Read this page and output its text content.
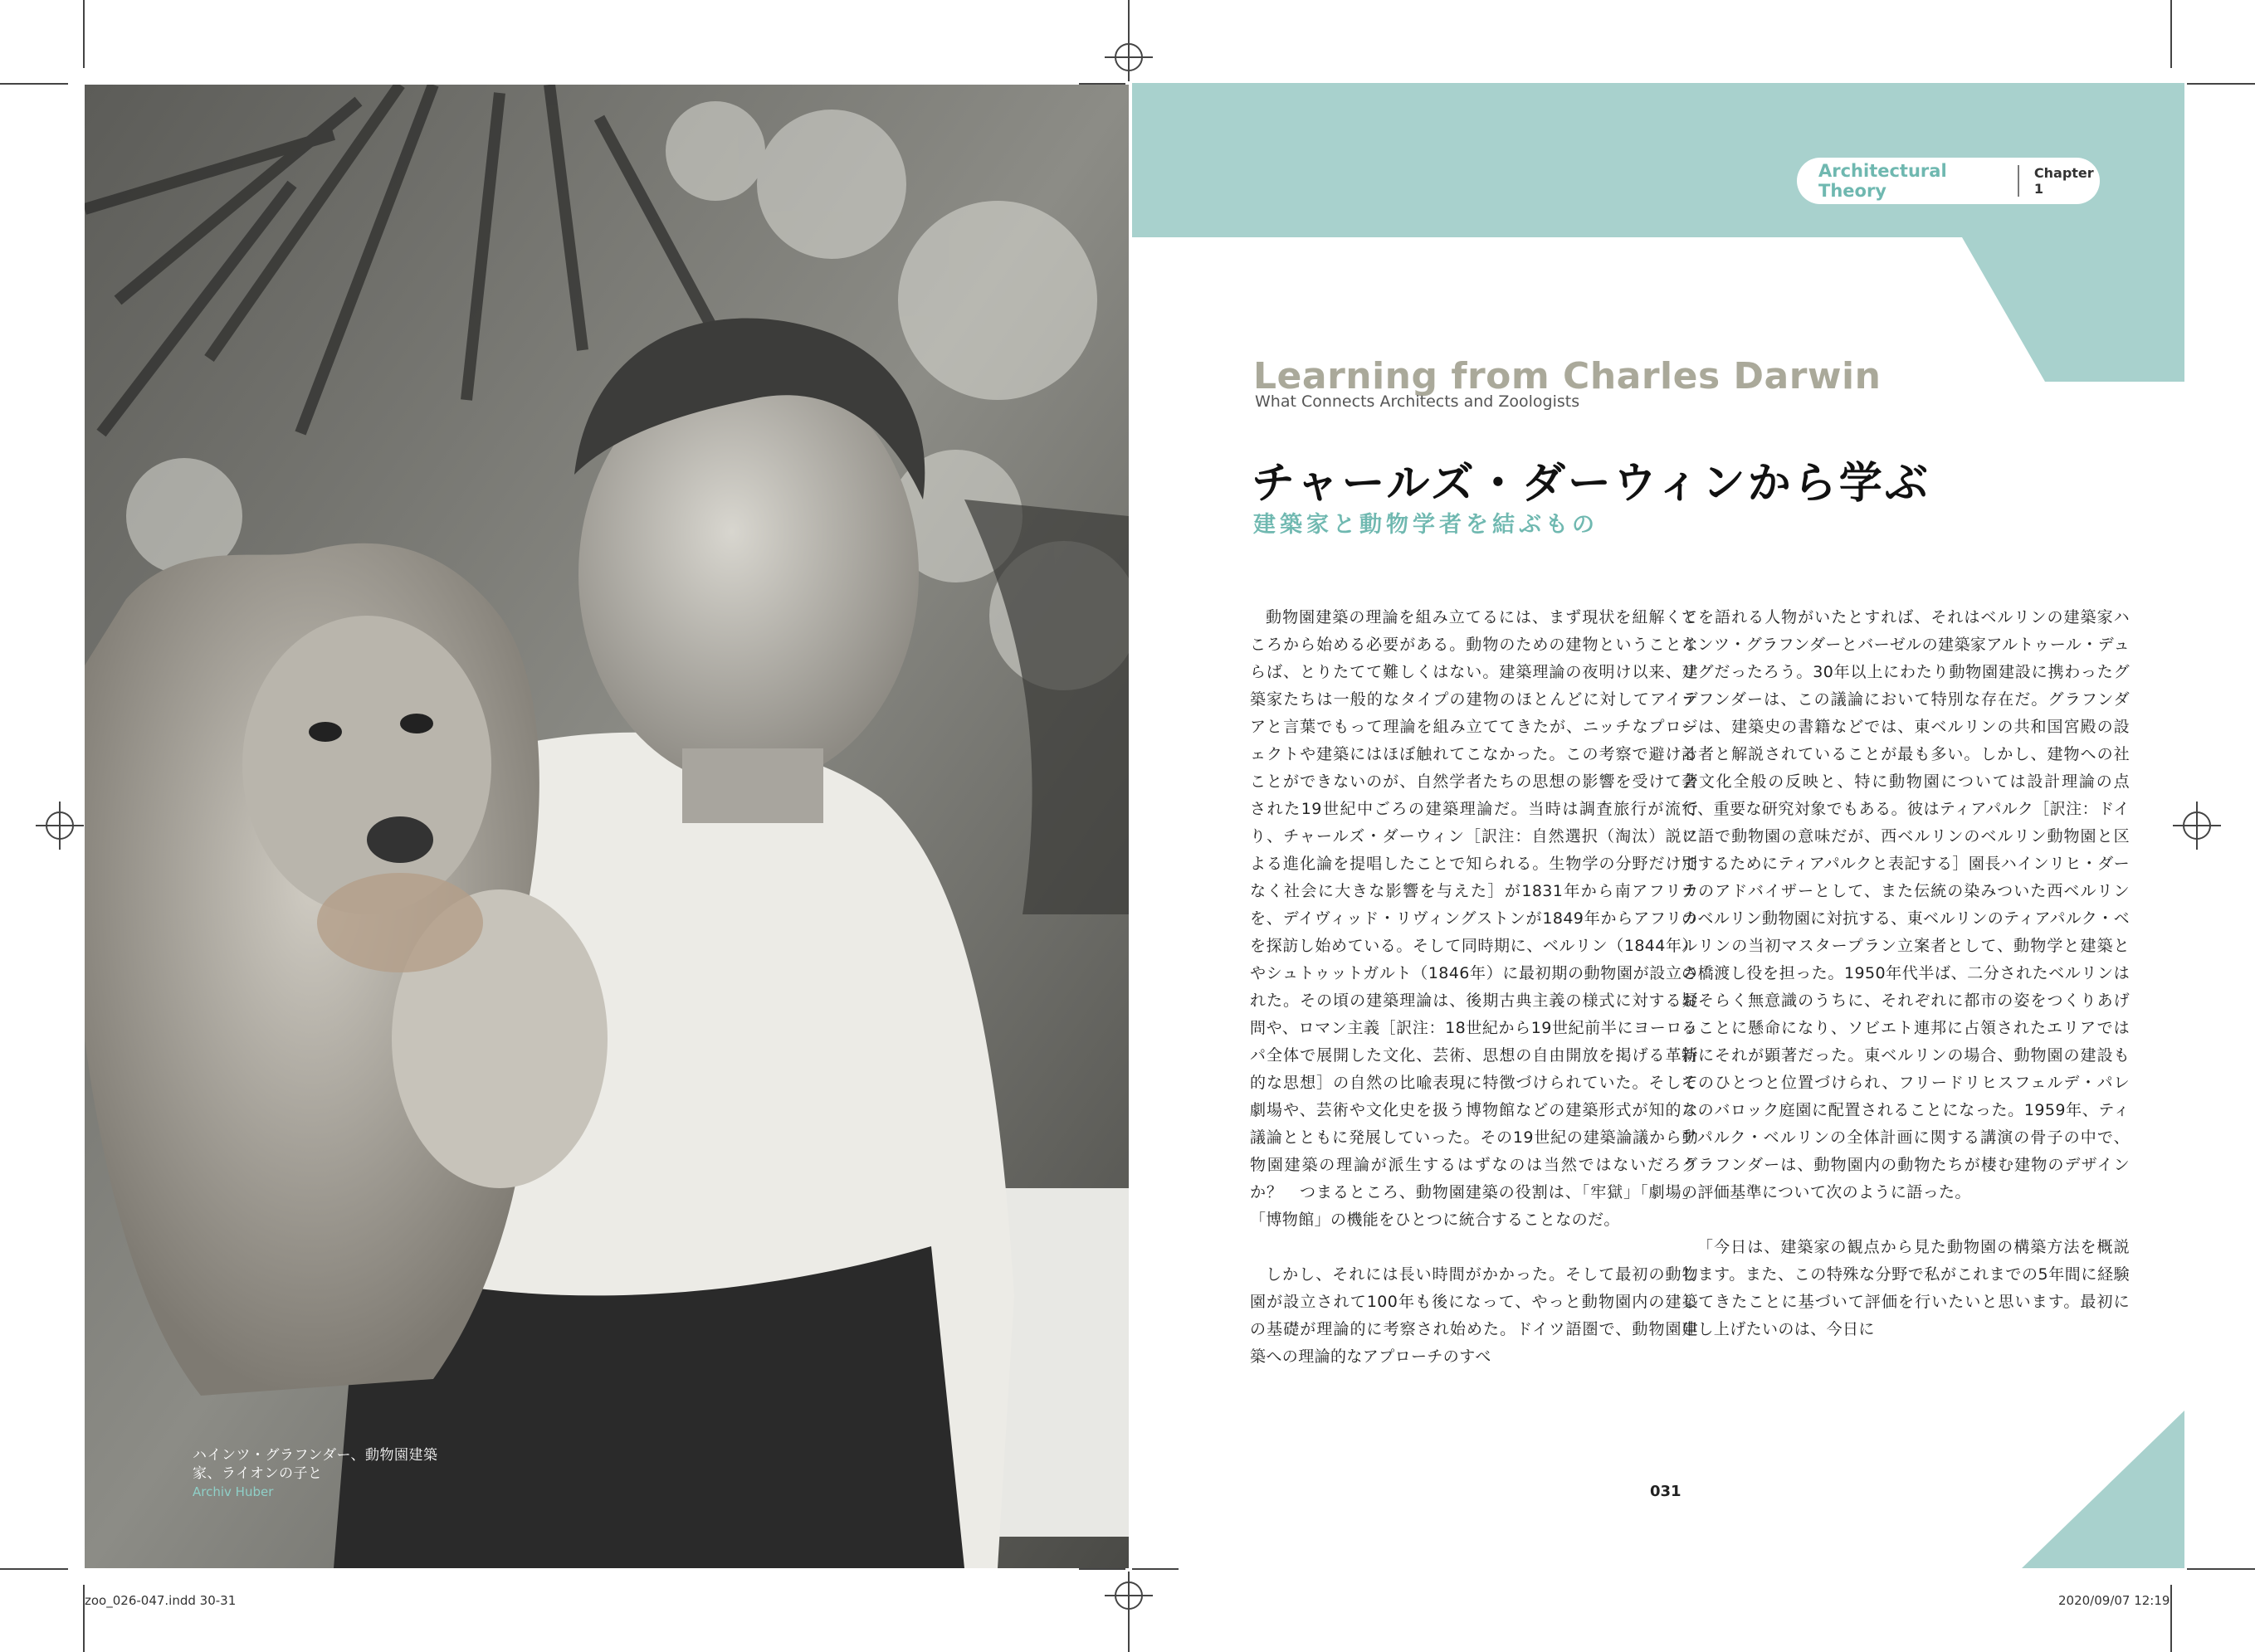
ハインツ・グラフンダー、動物園建築家、ライオンの子と
Archiv Huber
Architectural Theory
Chapter 1
Learning from Charles Darwin
What Connects Architects and Zoologists
チャールズ・ダーウィンから学ぶ
建築家と動物学者を結ぶもの

動物園建築の理論を組み立てるには、まず現状を紐解くところから始める必要がある。動物のための建物ということならば、とりたてて難しくはない。建築理論の夜明け以来、建築家たちは一般的なタイプの建物のほとんどに対してアイデアと言葉でもって理論を組み立ててきたが、ニッチなプロジェクトや建築にはほぼ触れてこなかった。この考察で避けることができないのが、自然学者たちの思想の影響を受けて著された19世紀中ごろの建築理論だ。当時は調査旅行が流行り、チャールズ・ダーウィン［訳注：自然選択（淘汰）説による進化論を提唱したことで知られる。生物学の分野だけでなく社会に大きな影響を与えた］が1831年から南アフリカを、デイヴィッド・リヴィングストンが1849年からアフリカを探訪し始めている。そして同時期に、ベルリン（1844年）やシュトゥットガルト（1846年）に最初期の動物園が設立された。その頃の建築理論は、後期古典主義の様式に対する疑問や、ロマン主義［訳注：18世紀から19世紀前半にヨーロッパ全体で展開した文化、芸術、思想の自由開放を掲げる革新的な思想］の自然の比喩表現に特徴づけられていた。そして劇場や、芸術や文化史を扱う博物館などの建築形式が知的な議論とともに発展していった。その19世紀の建築論議から動物園建築の理論が派生するはずなのは当然ではないだろうか？　つまるところ、動物園建築の役割は、「牢獄」「劇場」「博物館」の機能をひとつに統合することなのだ。

しかし、それには長い時間がかかった。そして最初の動物園が設立されて100年も後になって、やっと動物園内の建築の基礎が理論的に考察され始めた。ドイツ語圏で、動物園建築への理論的なアプローチのすべ

てを語れる人物がいたとすれば、それはベルリンの建築家ハインツ・グラフンダーとバーゼルの建築家アルトゥール・デュリグだったろう。30年以上にわたり動物園建設に携わったグラフンダーは、この議論において特別な存在だ。グラフンダーは、建築史の書籍などでは、東ベルリンの共和国宮殿の設計者と解説されていることが最も多い。しかし、建物への社会文化全般の反映と、特に動物園については設計理論の点で、重要な研究対象でもある。彼はティアパルク［訳注：ドイツ語で動物園の意味だが、西ベルリンのベルリン動物園と区別するためにティアパルクと表記する］園長ハインリヒ・ダーテのアドバイザーとして、また伝統の染みついた西ベルリンのベルリン動物園に対抗する、東ベルリンのティアパルク・ベルリンの当初マスタープラン立案者として、動物学と建築との橋渡し役を担った。1950年代半ば、二分されたベルリンはおそらく無意識のうちに、それぞれに都市の姿をつくりあげることに懸命になり、ソビエト連邦に占領されたエリアでは特にそれが顕著だった。東ベルリンの場合、動物園の建設もそのひとつと位置づけられ、フリードリヒスフェルデ・パレスのバロック庭園に配置されることになった。1959年、ティアパルク・ベルリンの全体計画に関する講演の骨子の中で、グラフンダーは、動物園内の動物たちが棲む建物のデザインの評価基準について次のように語った。

「今日は、建築家の観点から見た動物園の構築方法を概説します。また、この特殊な分野で私がこれまでの5年間に経験してきたことに基づいて評価を行いたいと思います。最初に申し上げたいのは、今日に

031
zoo_026-047.indd 30-31	2020/09/07 12:19
